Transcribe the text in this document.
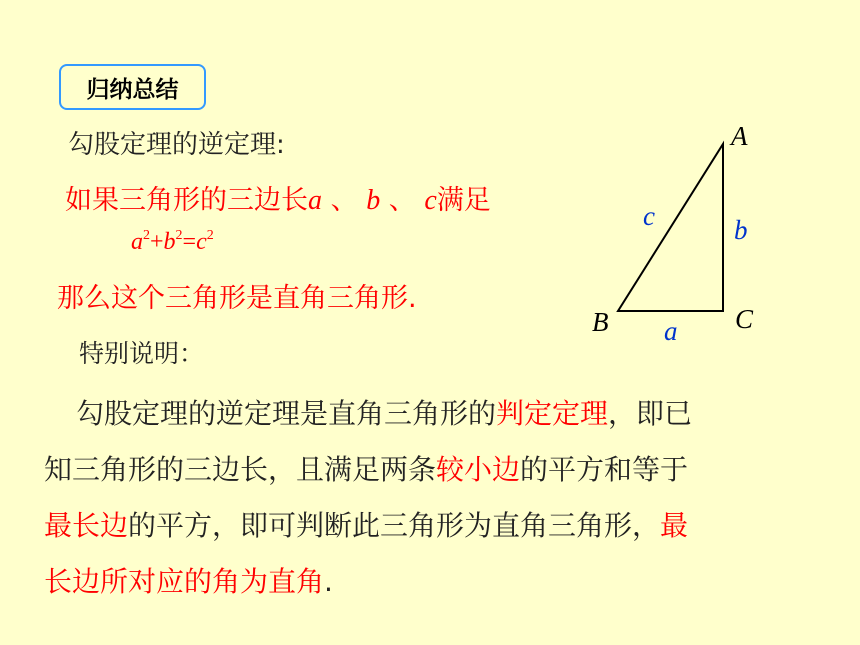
归纳总结
勾股定理的逆定理:
如果三角形的三边长a 、 b 、 c满足
$a^2+b^2=c^2$
那么这个三角形是直角三角形.
特别说明：
勾股定理的逆定理是直角三角形的判定定理，即已
知三角形的三边长，且满足两条较小边的平方和等于
最长边的平方，即可判断此三角形为直角三角形，最
长边所对应的角为直角.
A
B	C
a
b
c
